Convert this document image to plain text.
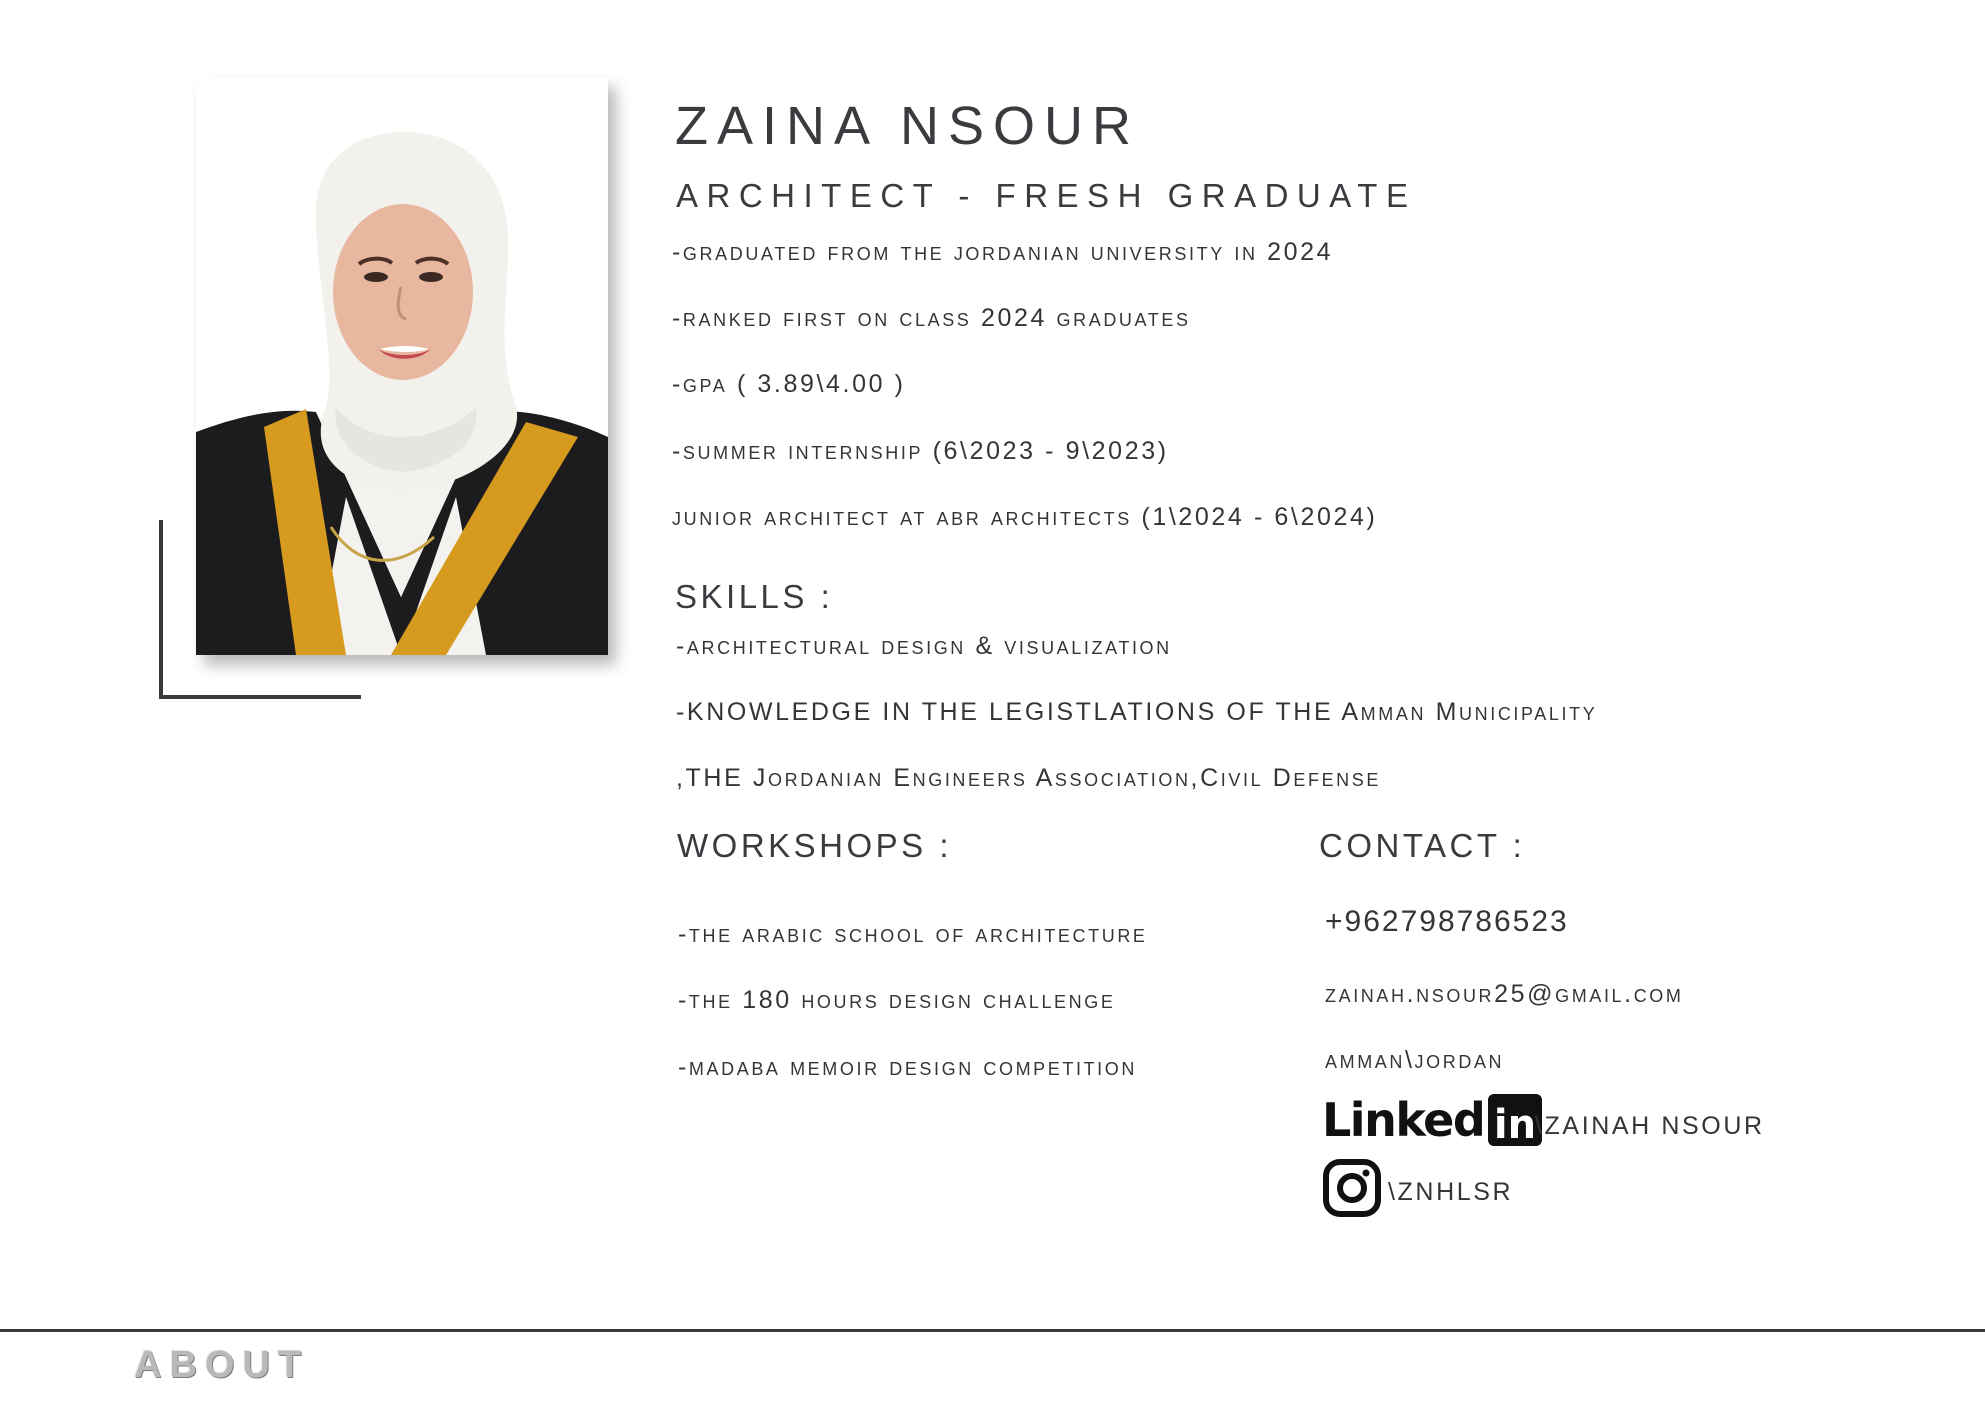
ZAINA NSOUR
ARCHITECT - FRESH GRADUATE
-graduated from the jordanian university in 2024
-ranked first on class 2024 graduates
-gpa ( 3.89\4.00 )
-summer internship (6\2023 - 9\2023)
junior architect at abr architects (1\2024 - 6\2024)
SKILLS :
-architectural design & visualization
-KNOWLEDGE IN THE LEGISTLATIONS OF THE Amman Municipality
,THE Jordanian Engineers Association,Civil Defense
WORKSHOPS :
-the arabic school of architecture
-the 180 hours design challenge
-madaba memoir design competition
CONTACT :
+962798786523
zainah.nsour25@gmail.com
amman\jordan
Linked in
\ZAINAH NSOUR
\ZNHLSR
ABOUT
